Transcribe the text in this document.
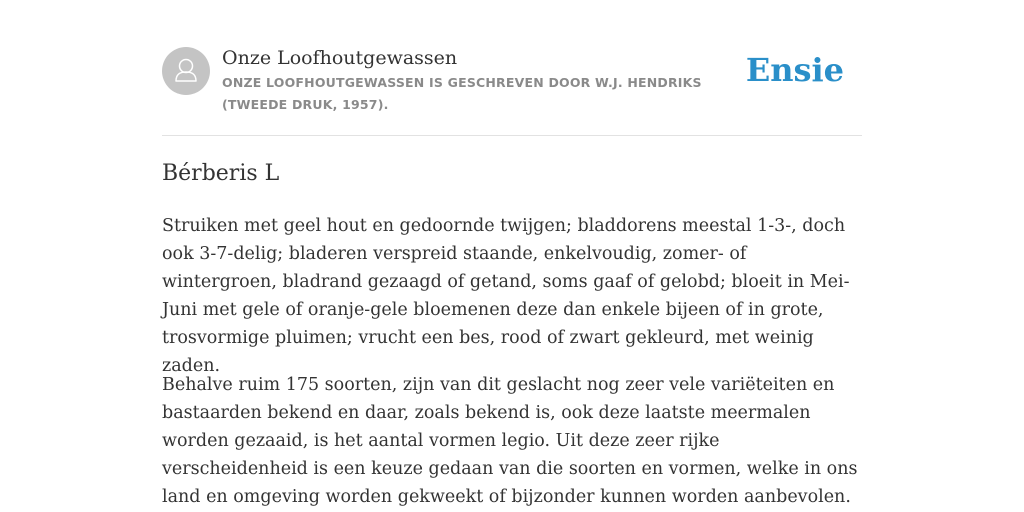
Onze Loofhoutgewassen
ONZE LOOFHOUTGEWASSEN IS GESCHREVEN DOOR W.J. HENDRIKS (TWEEDE DRUK, 1957).
Ensie
Bérberis L

Struiken met geel hout en gedoornde twijgen; bladdorens meestal 1-3-, doch ook 3-7-delig; bladeren verspreid staande, enkelvoudig, zomer- of wintergroen, bladrand gezaagd of getand, soms gaaf of gelobd; bloeit in Mei-Juni met gele of oranje-gele bloemenen deze dan enkele bijeen of in grote, trosvormige pluimen; vrucht een bes, rood of zwart gekleurd, met weinig zaden.

Behalve ruim 175 soorten, zijn van dit geslacht nog zeer vele variëteiten en bastaarden bekend en daar, zoals bekend is, ook deze laatste meermalen worden gezaaid, is het aantal vormen legio. Uit deze zeer rijke verscheidenheid is een keuze gedaan van die soorten en vormen, welke in ons land en omgeving worden gekweekt of bijzonder kunnen worden aanbevolen.
